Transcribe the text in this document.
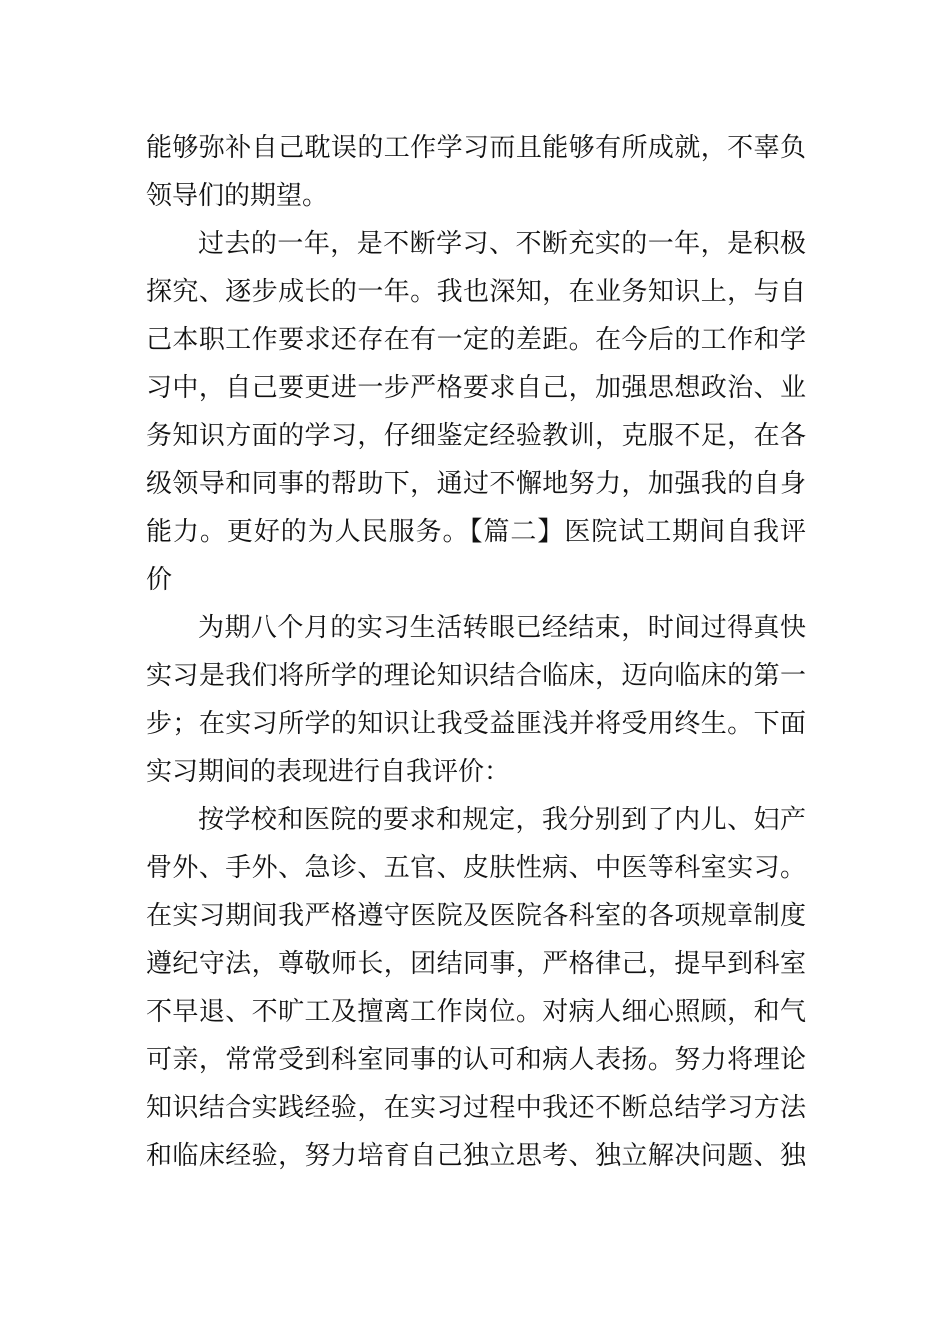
能够弥补自己耽误的工作学习而且能够有所成就，不辜负
领导们的期望。
过去的一年，是不断学习、不断充实的一年，是积极
探究、逐步成长的一年。我也深知，在业务知识上，与自
己本职工作要求还存在有一定的差距。在今后的工作和学
习中，自己要更进一步严格要求自己，加强思想政治、业
务知识方面的学习，仔细鉴定经验教训，克服不足，在各
级领导和同事的帮助下，通过不懈地努力，加强我的自身
能力。更好的为人民服务。【篇二】医院试工期间自我评
价
为期八个月的实习生活转眼已经结束，时间过得真快
实习是我们将所学的理论知识结合临床，迈向临床的第一
步；在实习所学的知识让我受益匪浅并将受用终生。下面
实习期间的表现进行自我评价：
按学校和医院的要求和规定，我分别到了内儿、妇产
骨外、手外、急诊、五官、皮肤性病、中医等科室实习。
在实习期间我严格遵守医院及医院各科室的各项规章制度
遵纪守法，尊敬师长，团结同事，严格律己，提早到科室
不早退、不旷工及擅离工作岗位。对病人细心照顾，和气
可亲，常常受到科室同事的认可和病人表扬。努力将理论
知识结合实践经验，在实习过程中我还不断总结学习方法
和临床经验，努力培育自己独立思考、独立解决问题、独
